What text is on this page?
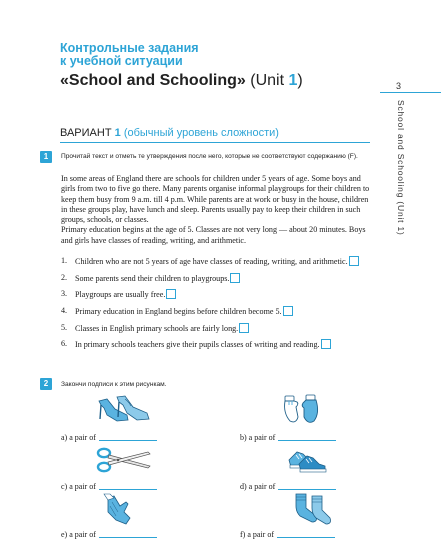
Контрольные задания
к учебной ситуации
«School and Schooling» (Unit 1)	3
School and Schooling (Unit 1)
ВАРИАНТ 1 (обычный уровень сложности)
1	Прочитай текст и отметь те утверждения после него, которые не соответствуют содержанию (F).

In some areas of England there are schools for children under 5 years of age. Some boys and girls from two to five go there. Many parents organise informal playgroups for their children to keep them busy from 9 a.m. till 4 p.m. While parents are at work or busy in the house, children in these groups play, have lunch and sleep. Parents usually pay to keep their children in such groups, schools, or classes.

Primary education begins at the age of 5. Classes are not very long — about 20 minutes. Boys and girls have classes of reading, writing, and arithmetic.

1. Children who are not 5 years of age have classes of reading, writing, and arithmetic.
2. Some parents send their children to playgroups.
3. Playgroups are usually free.
4. Primary education in England begins before children become 5.
5. Classes in English primary schools are fairly long.
6. In primary schools teachers give their pupils classes of writing and reading.
2	Закончи подписи к этим рисункам.
a) a pair of	b) a pair of
c) a pair of	d) a pair of
e) a pair of	f) a pair of
